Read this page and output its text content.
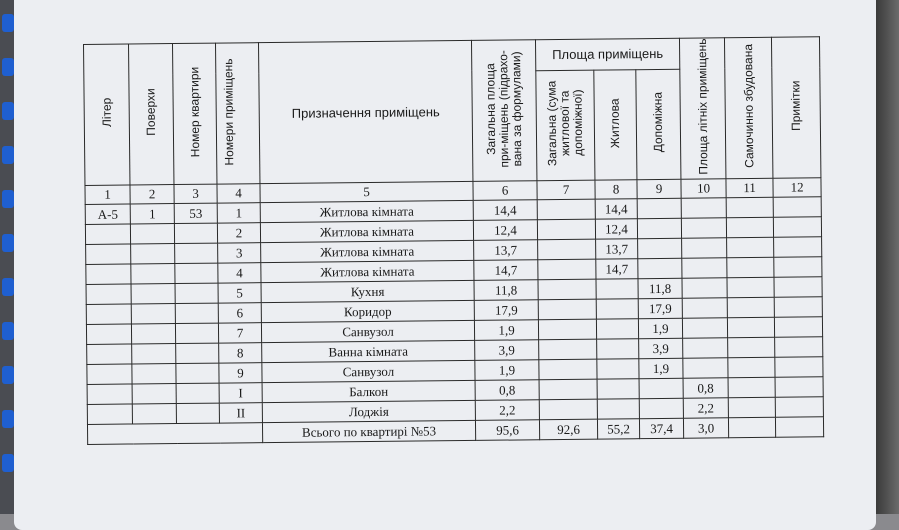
Літер	Поверхи	Номер квартири	Номери приміщень	Призначення приміщень	Загальна площа при-міщень (підрахо-вана за формулами)	Площа приміщень			Площа літніх приміщень	Самочинно збудована	Примітки
						Загальна (сума житлової та допоміжної)	Житлова	Допоміжна			
1	2	3	4	5	6	7	8	9	10	11	12
А-5	1	53	1	Житлова кімната	14,4		14,4				
			2	Житлова кімната	12,4		12,4				
			3	Житлова кімната	13,7		13,7				
			4	Житлова кімната	14,7		14,7				
			5	Кухня	11,8			11,8			
			6	Коридор	17,9			17,9			
			7	Санвузол	1,9			1,9			
			8	Ванна кімната	3,9			3,9			
			9	Санвузол	1,9			1,9			
			I	Балкон	0,8				0,8		
			II	Лоджія	2,2				2,2		
				Всього по квартирі №53	95,6	92,6	55,2	37,4	3,0		
